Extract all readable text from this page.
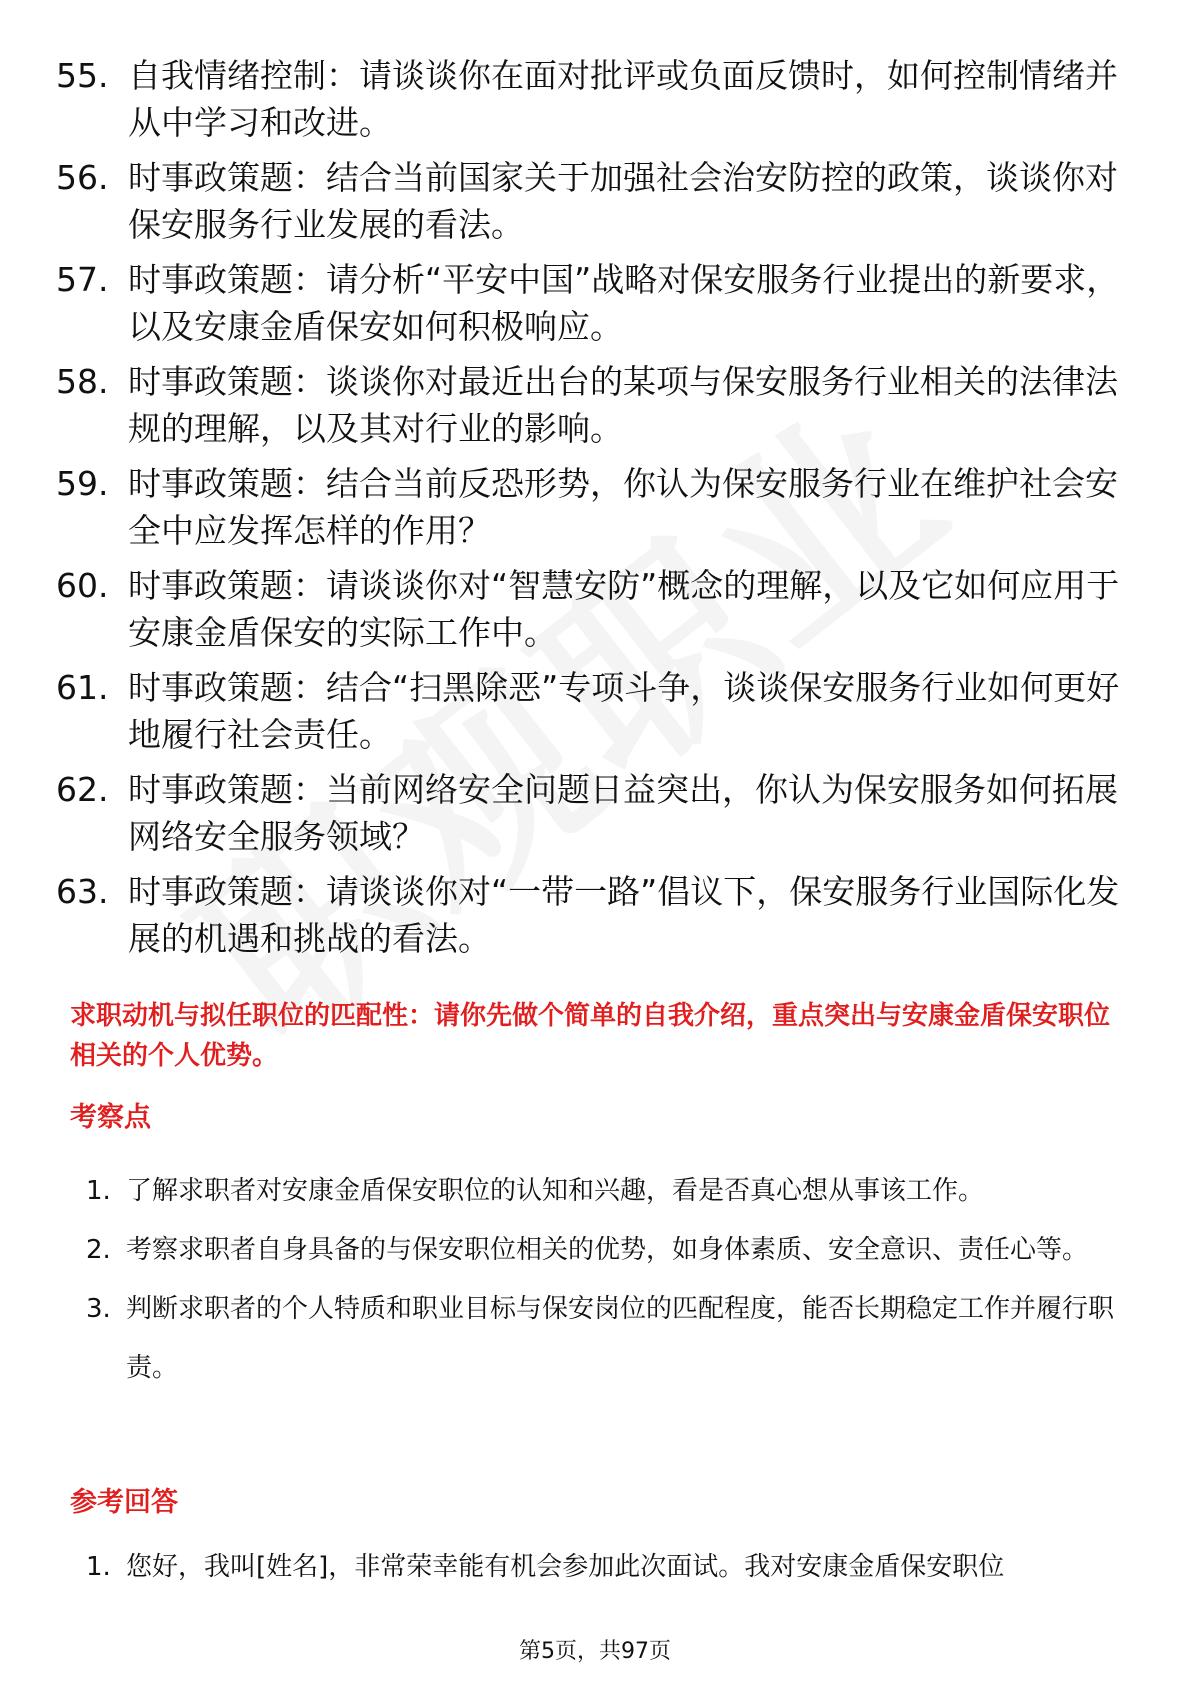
55. 自我情绪控制：请谈谈你在面对批评或负面反馈时，如何控制情绪并从中学习和改进。
56. 时事政策题：结合当前国家关于加强社会治安防控的政策，谈谈你对保安服务行业发展的看法。
57. 时事政策题：请分析“平安中国”战略对保安服务行业提出的新要求，以及安康金盾保安如何积极响应。
58. 时事政策题：谈谈你对最近出台的某项与保安服务行业相关的法律法规的理解，以及其对行业的影响。
59. 时事政策题：结合当前反恐形势，你认为保安服务行业在维护社会安全中应发挥怎样的作用？
60. 时事政策题：请谈谈你对“智慧安防”概念的理解，以及它如何应用于安康金盾保安的实际工作中。
61. 时事政策题：结合“扫黑除恶”专项斗争，谈谈保安服务行业如何更好地履行社会责任。
62. 时事政策题：当前网络安全问题日益突出，你认为保安服务如何拓展网络安全服务领域？
63. 时事政策题：请谈谈你对“一带一路”倡议下，保安服务行业国际化发展的机遇和挑战的看法。
求职动机与拟任职位的匹配性：请你先做个简单的自我介绍，重点突出与安康金盾保安职位相关的个人优势。
考察点
1. 了解求职者对安康金盾保安职位的认知和兴趣，看是否真心想从事该工作。
2. 考察求职者自身具备的与保安职位相关的优势，如身体素质、安全意识、责任心等。
3. 判断求职者的个人特质和职业目标与保安岗位的匹配程度，能否长期稳定工作并履行职责。
参考回答
1. 您好，我叫[姓名]，非常荣幸能有机会参加此次面试。我对安康金盾保安职位
第5页，共97页
